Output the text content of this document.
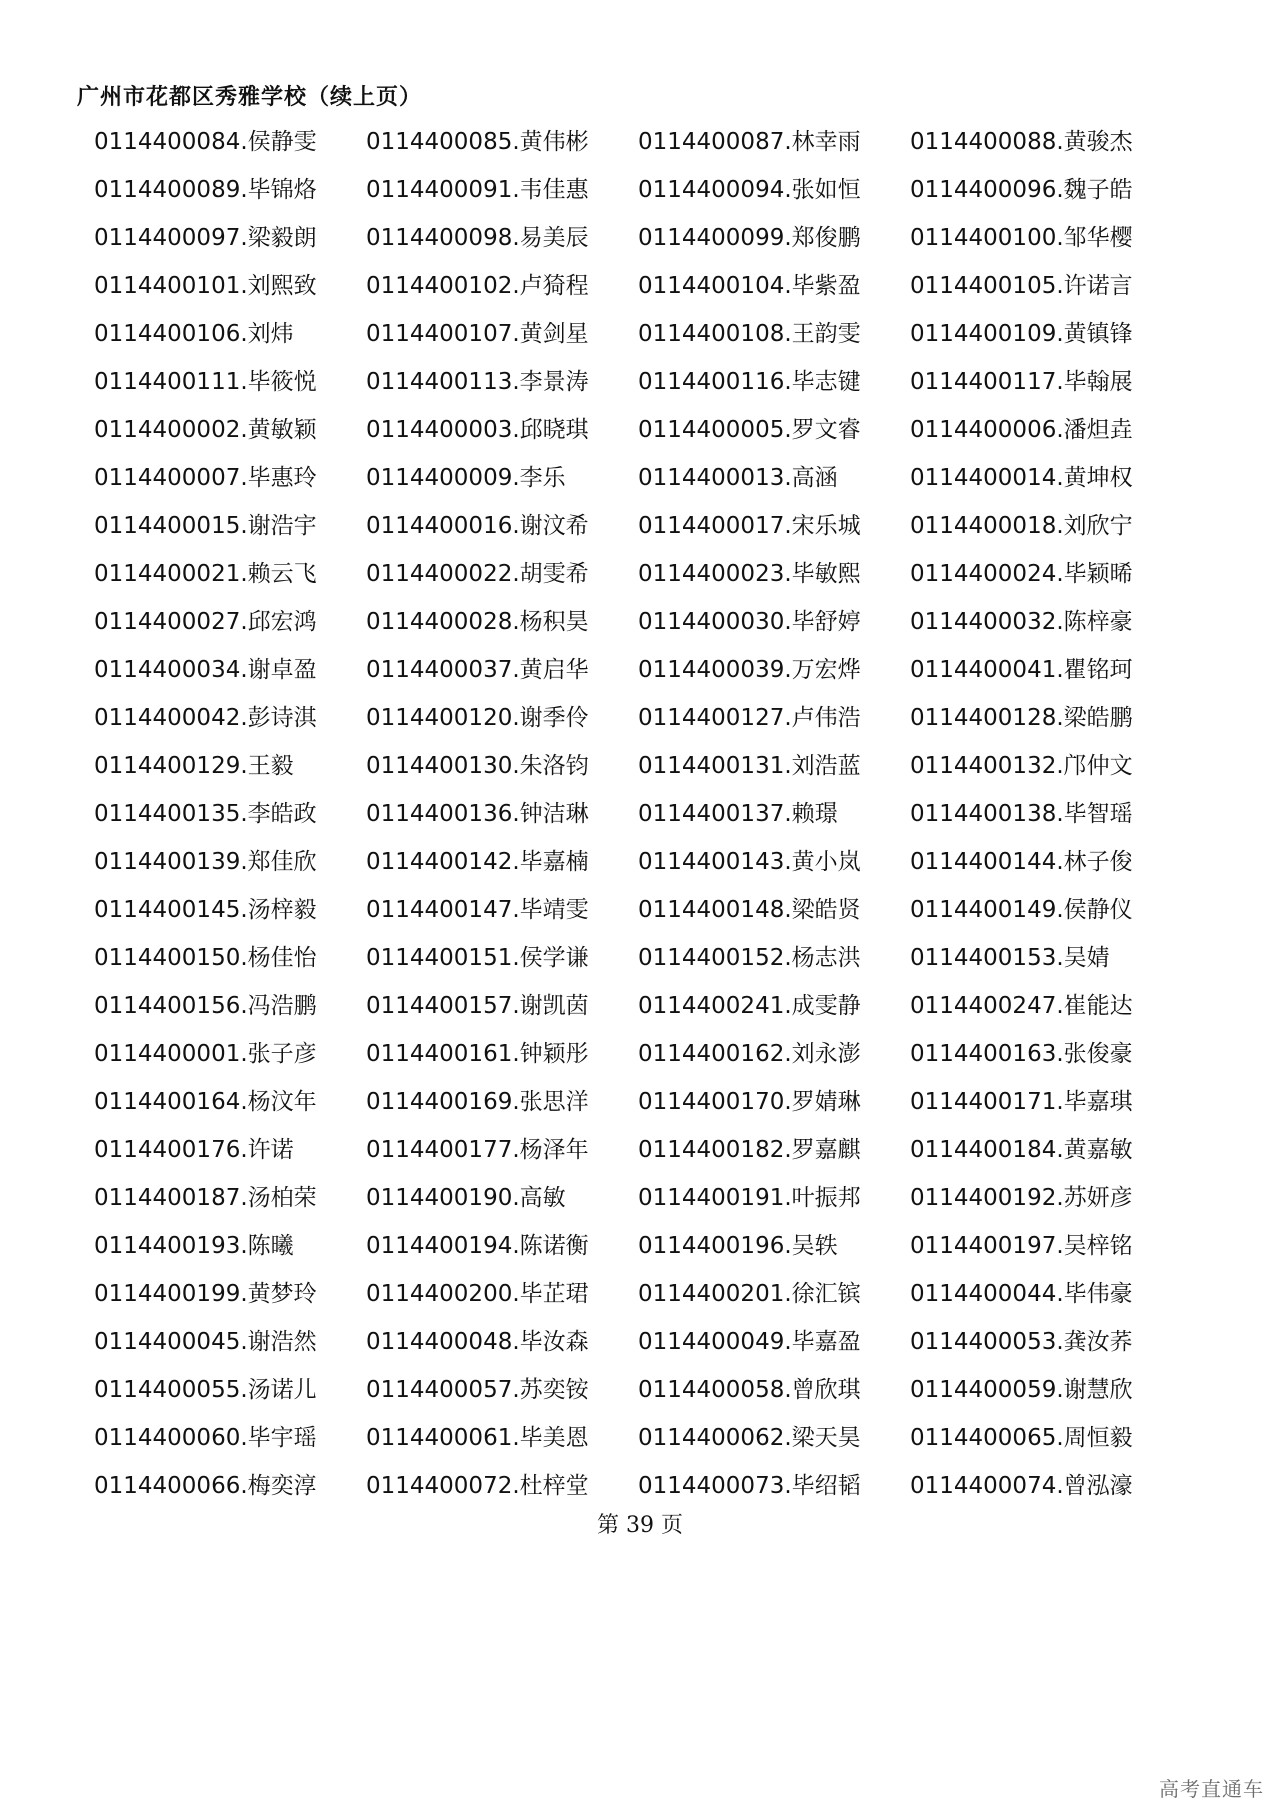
广州市花都区秀雅学校（续上页）
0114400084.侯静雯	0114400085.黄伟彬	0114400087.林幸雨	0114400088.黄骏杰
0114400089.毕锦烙	0114400091.韦佳惠	0114400094.张如恒	0114400096.魏子皓
0114400097.梁毅朗	0114400098.易美辰	0114400099.郑俊鹏	0114400100.邹华樱
0114400101.刘熙致	0114400102.卢猗程	0114400104.毕紫盈	0114400105.许诺言
0114400106.刘炜	0114400107.黄剑星	0114400108.王韵雯	0114400109.黄镇锋
0114400111.毕筱悦	0114400113.李景涛	0114400116.毕志键	0114400117.毕翰展
0114400002.黄敏颖	0114400003.邱晓琪	0114400005.罗文睿	0114400006.潘炟垚
0114400007.毕惠玲	0114400009.李乐	0114400013.高涵	0114400014.黄坤权
0114400015.谢浩宇	0114400016.谢汶希	0114400017.宋乐城	0114400018.刘欣宁
0114400021.赖云飞	0114400022.胡雯希	0114400023.毕敏熙	0114400024.毕颖晞
0114400027.邱宏鸿	0114400028.杨积昊	0114400030.毕舒婷	0114400032.陈梓豪
0114400034.谢卓盈	0114400037.黄启华	0114400039.万宏烨	0114400041.瞿铭珂
0114400042.彭诗淇	0114400120.谢季伶	0114400127.卢伟浩	0114400128.梁皓鹏
0114400129.王毅	0114400130.朱洛钧	0114400131.刘浩蓝	0114400132.邝仲文
0114400135.李皓政	0114400136.钟洁琳	0114400137.赖璟	0114400138.毕智瑶
0114400139.郑佳欣	0114400142.毕嘉楠	0114400143.黄小岚	0114400144.林子俊
0114400145.汤梓毅	0114400147.毕靖雯	0114400148.梁皓贤	0114400149.侯静仪
0114400150.杨佳怡	0114400151.侯学谦	0114400152.杨志洪	0114400153.吴婧
0114400156.冯浩鹏	0114400157.谢凯茵	0114400241.成雯静	0114400247.崔能达
0114400001.张子彦	0114400161.钟颖彤	0114400162.刘永澎	0114400163.张俊豪
0114400164.杨汶年	0114400169.张思洋	0114400170.罗婧琳	0114400171.毕嘉琪
0114400176.许诺	0114400177.杨泽年	0114400182.罗嘉麒	0114400184.黄嘉敏
0114400187.汤柏荣	0114400190.高敏	0114400191.叶振邦	0114400192.苏妍彦
0114400193.陈曦	0114400194.陈诺衡	0114400196.吴轶	0114400197.吴梓铭
0114400199.黄梦玲	0114400200.毕芷珺	0114400201.徐汇镔	0114400044.毕伟豪
0114400045.谢浩然	0114400048.毕汝森	0114400049.毕嘉盈	0114400053.龚汝荞
0114400055.汤诺儿	0114400057.苏奕铵	0114400058.曾欣琪	0114400059.谢慧欣
0114400060.毕宇瑶	0114400061.毕美恩	0114400062.梁天昊	0114400065.周恒毅
0114400066.梅奕淳	0114400072.杜梓堂	0114400073.毕绍韬	0114400074.曾泓濠
第 39 页
高考直通车
